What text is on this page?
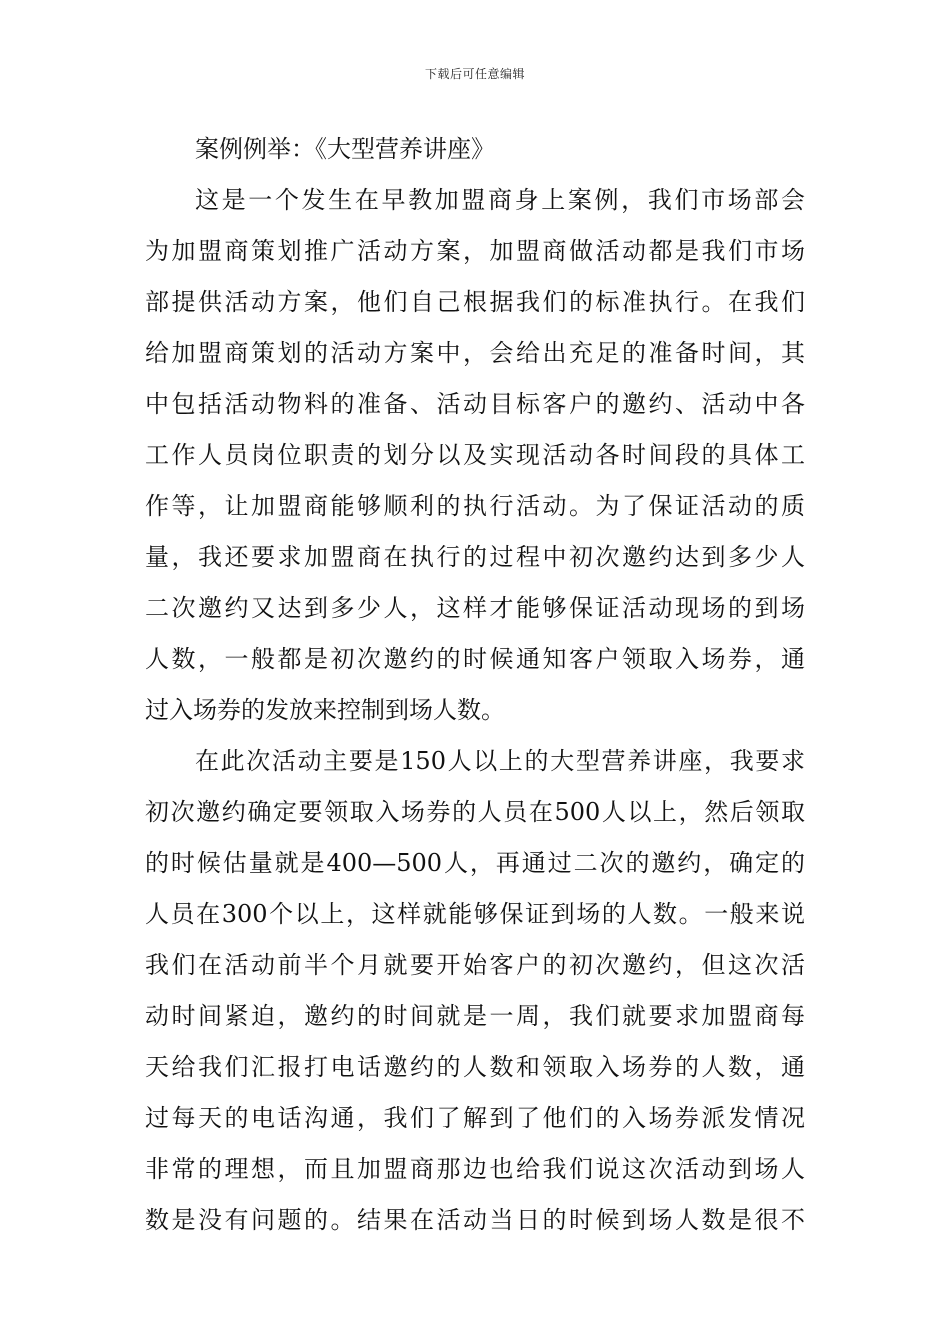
下载后可任意编辑
案例例举：《大型营养讲座》
这是一个发生在早教加盟商身上案例，我们市场部会
为加盟商策划推广活动方案，加盟商做活动都是我们市场
部提供活动方案，他们自己根据我们的标准执行。在我们
给加盟商策划的活动方案中，会给出充足的准备时间，其
中包括活动物料的准备、活动目标客户的邀约、活动中各
工作人员岗位职责的划分以及实现活动各时间段的具体工
作等，让加盟商能够顺利的执行活动。为了保证活动的质
量，我还要求加盟商在执行的过程中初次邀约达到多少人
二次邀约又达到多少人，这样才能够保证活动现场的到场
人数，一般都是初次邀约的时候通知客户领取入场券，通
过入场券的发放来控制到场人数。
在此次活动主要是150人以上的大型营养讲座，我要求
初次邀约确定要领取入场券的人员在500人以上，然后领取
的时候估量就是400—500人，再通过二次的邀约，确定的
人员在300个以上，这样就能够保证到场的人数。一般来说
我们在活动前半个月就要开始客户的初次邀约，但这次活
动时间紧迫，邀约的时间就是一周，我们就要求加盟商每
天给我们汇报打电话邀约的人数和领取入场券的人数，通
过每天的电话沟通，我们了解到了他们的入场券派发情况
非常的理想，而且加盟商那边也给我们说这次活动到场人
数是没有问题的。结果在活动当日的时候到场人数是很不
